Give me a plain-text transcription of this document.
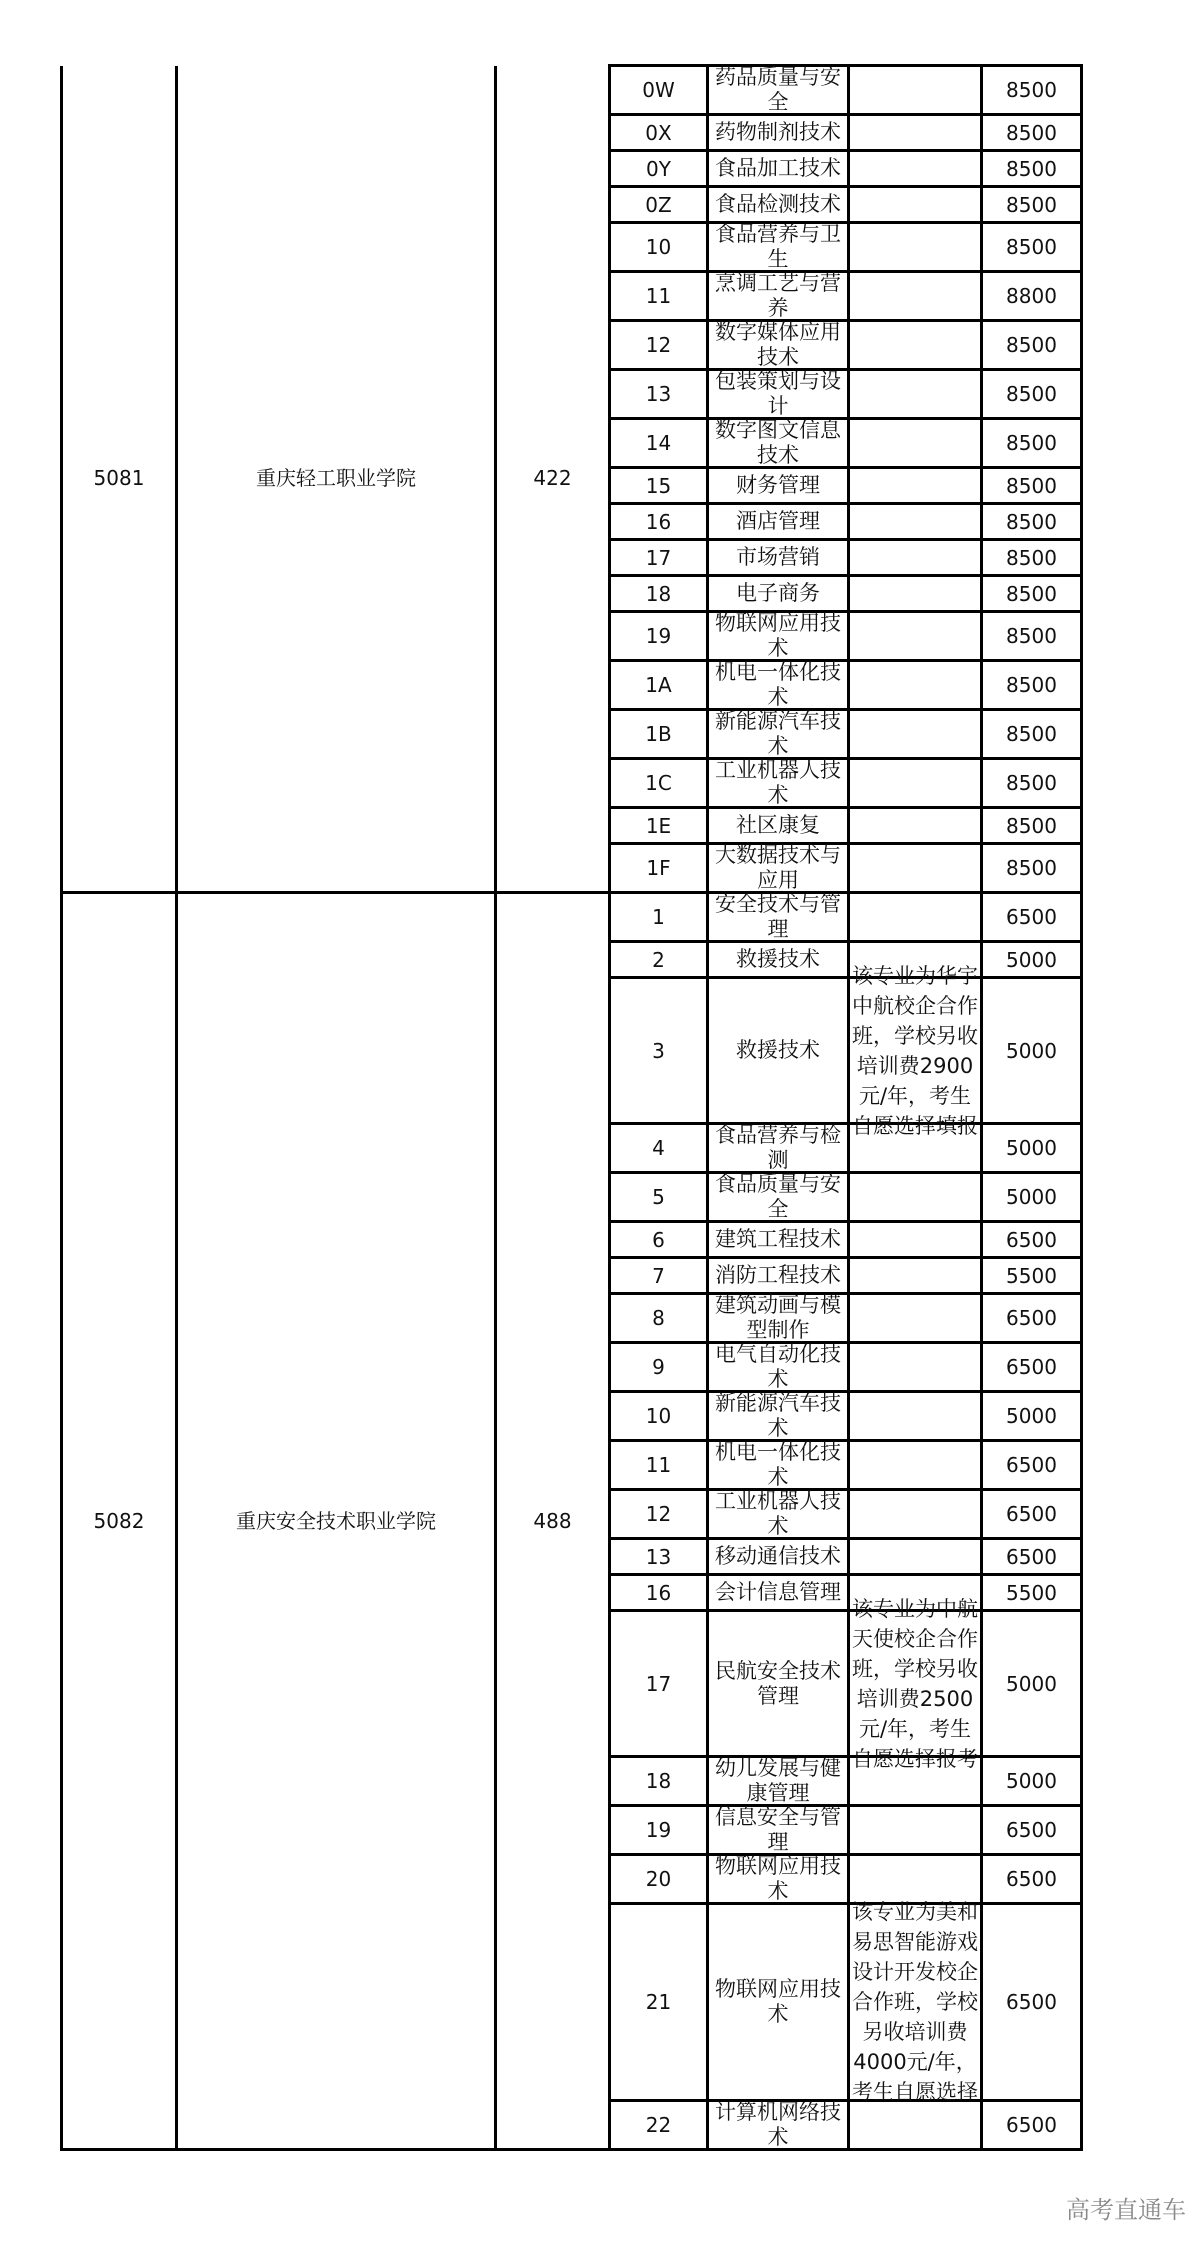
5081	重庆轻工职业学院	422	0W	药品质量与安全		8500

0X	药物制剂技术		8500

0Y	食品加工技术		8500

0Z	食品检测技术		8500

10	食品营养与卫生		8500

11	烹调工艺与营养		8800

12	数字媒体应用技术		8500

13	包装策划与设计		8500

14	数字图文信息技术		8500

15	财务管理		8500

16	酒店管理		8500

17	市场营销		8500

18	电子商务		8500

19	物联网应用技术		8500

1A	机电一体化技术		8500

1B	新能源汽车技术		8500

1C	工业机器人技术		8500

1E	社区康复		8500

1F	大数据技术与应用		8500

5082	重庆安全技术职业学院	488	1	安全技术与管理		6500

2	救援技术		5000

3	救援技术	该专业为华宇中航校企合作班，学校另收培训费2900元/年，考生自愿选择填报	5000

4	食品营养与检测		5000

5	食品质量与安全		5000

6	建筑工程技术		6500

7	消防工程技术		5500

8	建筑动画与模型制作		6500

9	电气自动化技术		6500

10	新能源汽车技术		5000

11	机电一体化技术		6500

12	工业机器人技术		6500

13	移动通信技术		6500

16	会计信息管理		5500

17	民航安全技术管理	该专业为中航天使校企合作班，学校另收培训费2500元/年，考生自愿选择报考	5000

18	幼儿发展与健康管理		5000

19	信息安全与管理		6500

20	物联网应用技术		6500

21	物联网应用技术	该专业为美和易思智能游戏设计开发校企合作班，学校另收培训费4000元/年，考生自愿选择	6500

22	计算机网络技术		6500
高考直通车
